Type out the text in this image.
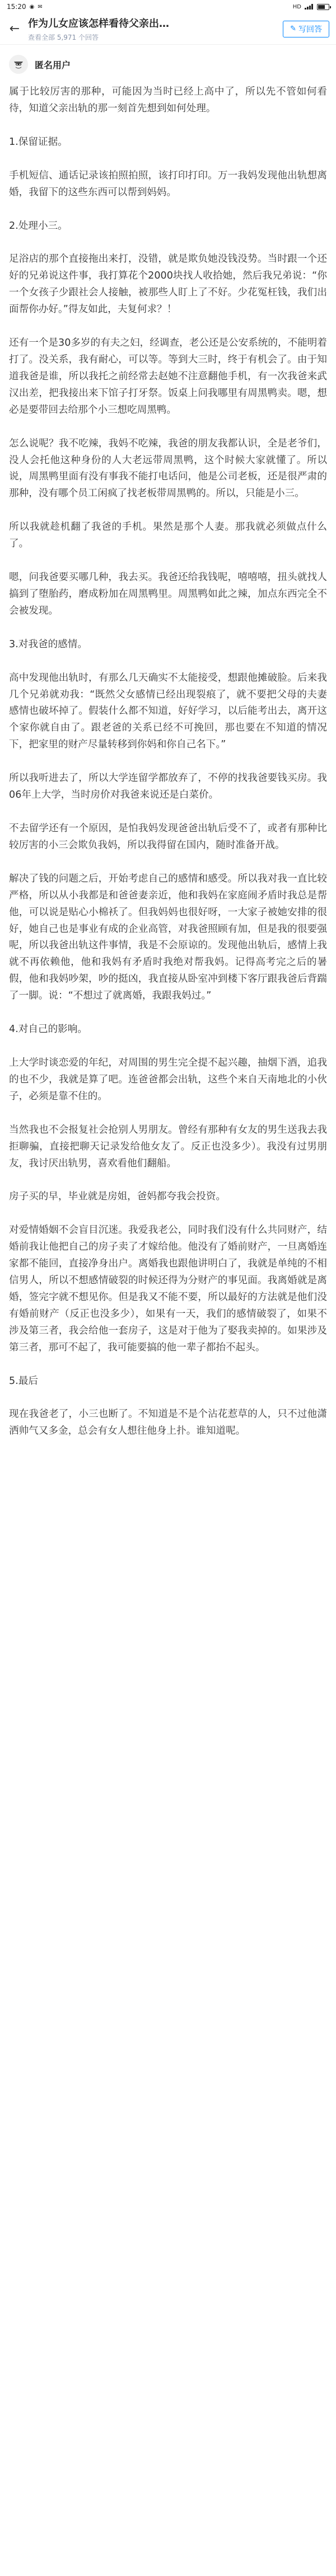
15:20 ◉ ✉	HD
← 作为儿女应该怎样看待父亲出…
查看全部 5,971 个回答
✎ 写回答
匿名用户

属于比较厉害的那种，可能因为当时已经上高中了，所以先不管如何看待，知道父亲出轨的那一刻首先想到如何处理。

1.保留证据。

手机短信、通话记录该拍照拍照，该打印打印。万一我妈发现他出轨想离婚，我留下的这些东西可以帮到妈妈。

2.处理小三。

足浴店的那个直接拖出来打，没错，就是欺负她没钱没势。当时跟一个还好的兄弟说这件事，我打算花个2000块找人收拾她，然后我兄弟说：“你一个女孩子少跟社会人接触，被那些人盯上了不好。少花冤枉钱，我们出面帮你办好。”得友如此，夫复何求？！

还有一个是30多岁的有夫之妇，经调查，老公还是公安系统的，不能明着打了。没关系，我有耐心，可以等。等到大三时，终于有机会了。由于知道我爸是谁，所以我托之前经常去赵她不注意翻他手机，有一次我爸来武汉出差，把我接出来下馆子打牙祭。饭桌上问我哪里有周黑鸭卖。嗯，想必是要带回去给那个小三想吃周黑鸭。

怎么说呢？我不吃辣，我妈不吃辣，我爸的朋友我都认识，全是老爷们，没人会托他这种身份的人大老远带周黑鸭，这个时候大家就懂了。所以说，周黑鸭里面有没有事我不能打电话问，他是公司老板，还是很严肃的那种，没有哪个员工闲疯了找老板带周黑鸭的。所以，只能是小三。

所以我就趁机翻了我爸的手机。果然是那个人妻。那我就必须做点什么了。

嗯，问我爸要买哪几种，我去买。我爸还给我钱呢，嘻嘻嘻，扭头就找人搞到了堕胎药，磨成粉加在周黑鸭里。周黑鸭如此之辣，加点东西完全不会被发现。

3.对我爸的感情。

高中发现他出轨时，有那么几天确实不太能接受，想跟他摊破脸。后来我几个兄弟就劝我：“既然父女感情已经出现裂痕了，就不要把父母的夫妻感情也破坏掉了。假装什么都不知道，好好学习，以后能考出去，离开这个家你就自由了。跟老爸的关系已经不可挽回，那也要在不知道的情况下，把家里的财产尽量转移到你妈和你自己名下。”

所以我听进去了，所以大学连留学都放弃了，不停的找我爸要钱买房。我06年上大学，当时房价对我爸来说还是白菜价。

不去留学还有一个原因，是怕我妈发现爸爸出轨后受不了，或者有那种比较厉害的小三会欺负我妈，所以我得留在国内，随时准备开战。

解决了钱的问题之后，开始考虑自己的感情和感受。所以我对我一直比较严格，所以从小我都是和爸爸妻亲近，他和我妈在家庭闹矛盾时我总是帮他，可以说是贴心小棉袄了。但我妈妈也很好呀，一大家子被她安排的很好，她自己也是事业有成的企业高管，对我爸照顾有加，但是我的很要强呢，所以我爸出轨这件事情，我是不会原谅的。发现他出轨后，感情上我就不再依赖他，他和我妈有矛盾时我绝对帮我妈。记得高考完之后的暑假，他和我妈吵架，吵的挺凶，我直接从卧室冲到楼下客厅跟我爸后背踹了一脚。说：“不想过了就离婚，我跟我妈过。”

4.对自己的影响。

上大学时谈恋爱的年纪，对周围的男生完全提不起兴趣，抽烟下酒，追我的也不少，我就是算了吧。连爸爸都会出轨，这些个来自天南地北的小伙子，必须是靠不住的。

当然我也不会报复社会抢别人男朋友。曾经有那种有女友的男生送我去我拒聊骗，直接把聊天记录发给他女友了。反正也没多少）。我没有过男朋友，我讨厌出轨男，喜欢看他们翻船。

房子买的早，毕业就是房姐，爸妈都夸我会投资。

对爱情婚姻不会盲目沉迷。我爱我老公，同时我们没有什么共同财产，结婚前我让他把自己的房子卖了才嫁给他。他没有了婚前财产，一旦离婚连家都不能回，直接净身出户。离婚我也跟他讲明白了，我就是单纯的不相信男人，所以不想感情破裂的时候还得为分财产的事见面。我离婚就是离婚，签完字就不想见你。但是我又不能不要，所以最好的方法就是他们没有婚前财产（反正也没多少），如果有一天，我们的感情破裂了，如果不涉及第三者，我会给他一套房子，这是对于他为了娶我卖掉的。如果涉及第三者，那可不起了，我可能要搞的他一辈子都抬不起头。

5.最后

现在我爸老了，小三也断了。不知道是不是个沾花惹草的人，只不过他潇洒帅气又多金，总会有女人想往他身上扑。谁知道呢。
